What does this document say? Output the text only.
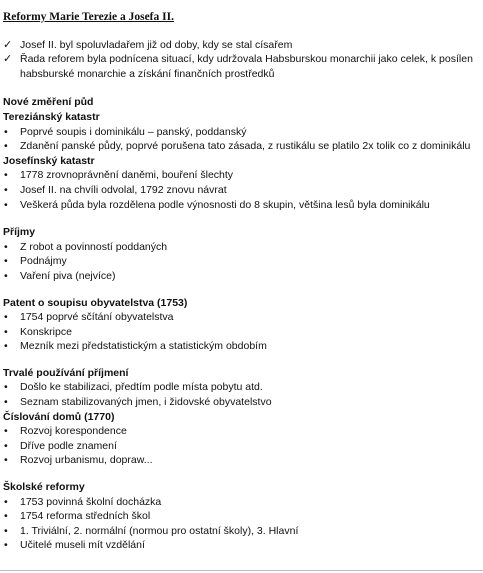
Reformy Marie Terezie a Josefa II.
✓ Josef II. byl spoluvladařem již od doby, kdy se stal císařem
✓ Řada reforem byla podnícena situací, kdy udržovala Habsburskou monarchii jako celek, k posílen habsburské monarchie a získání finančních prostředků
Nové změření půd
Tereziánský katastr
• Poprvé soupis i dominikálu – panský, poddanský
• Zdanění panské půdy, poprvé porušena tato zásada, z rustikálu se platilo 2x tolik co z dominikálu
Josefínský katastr
• 1778 zrovnoprávnění daněmi, bouření šlechty
• Josef II. na chvíli odvolal, 1792 znovu návrat
• Veškerá půda byla rozdělena podle výnosnosti do 8 skupin, většina lesů byla dominikálu
Příjmy
• Z robot a povinností poddaných
• Podnájmy
• Vaření piva (nejvíce)
Patent o soupisu obyvatelstva (1753)
• 1754 poprvé sčítání obyvatelstva
• Konskripce
• Mezník mezi předstatistickým a statistickým obdobím
Trvalé používání příjmení
• Došlo ke stabilizaci, předtím podle místa pobytu atd.
• Seznam stabilizovaných jmen, i židovské obyvatelstvo
Číslování domů (1770)
• Rozvoj korespondence
• Dříve podle znamení
• Rozvoj urbanismu, dopraw...
Školské reformy
• 1753 povinná školní docházka
• 1754 reforma středních škol
• 1. Triviální, 2. normální (normou pro ostatní školy), 3. Hlavní
• Učitelé museli mít vzdělání
